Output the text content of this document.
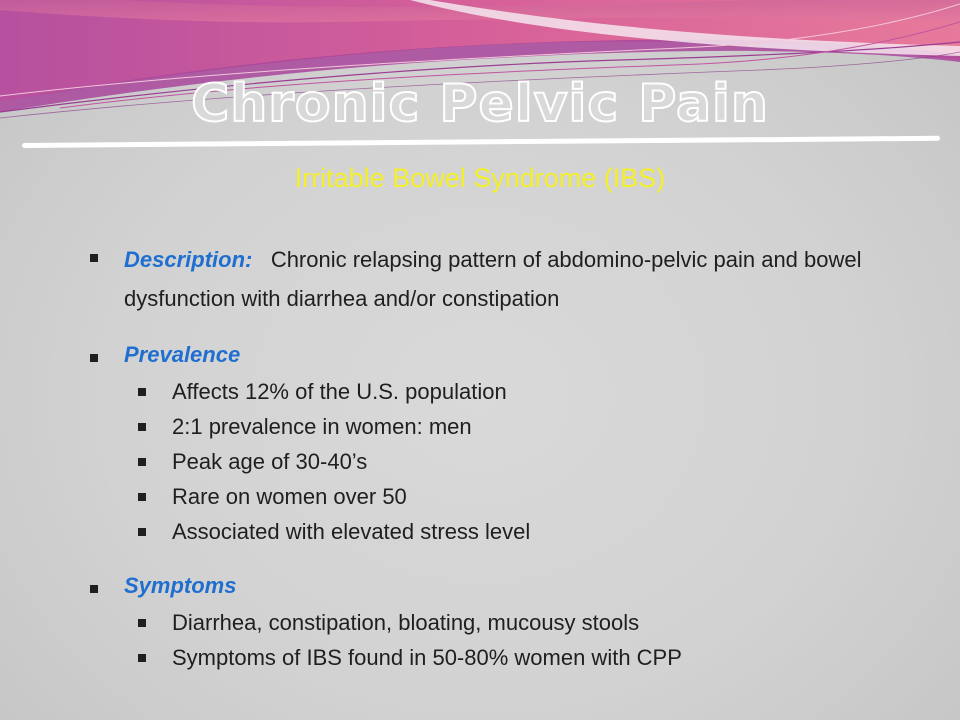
Chronic Pelvic Pain
Irritable Bowel Syndrome (IBS)
Description: Chronic relapsing pattern of abdomino-pelvic pain and bowel dysfunction with diarrhea and/or constipation
Prevalence
Affects 12% of the U.S. population
2:1 prevalence in women: men
Peak age of 30-40’s
Rare on women over 50
Associated with elevated stress level
Symptoms
Diarrhea, constipation, bloating, mucousy stools
Symptoms of IBS found in 50-80% women with CPP
